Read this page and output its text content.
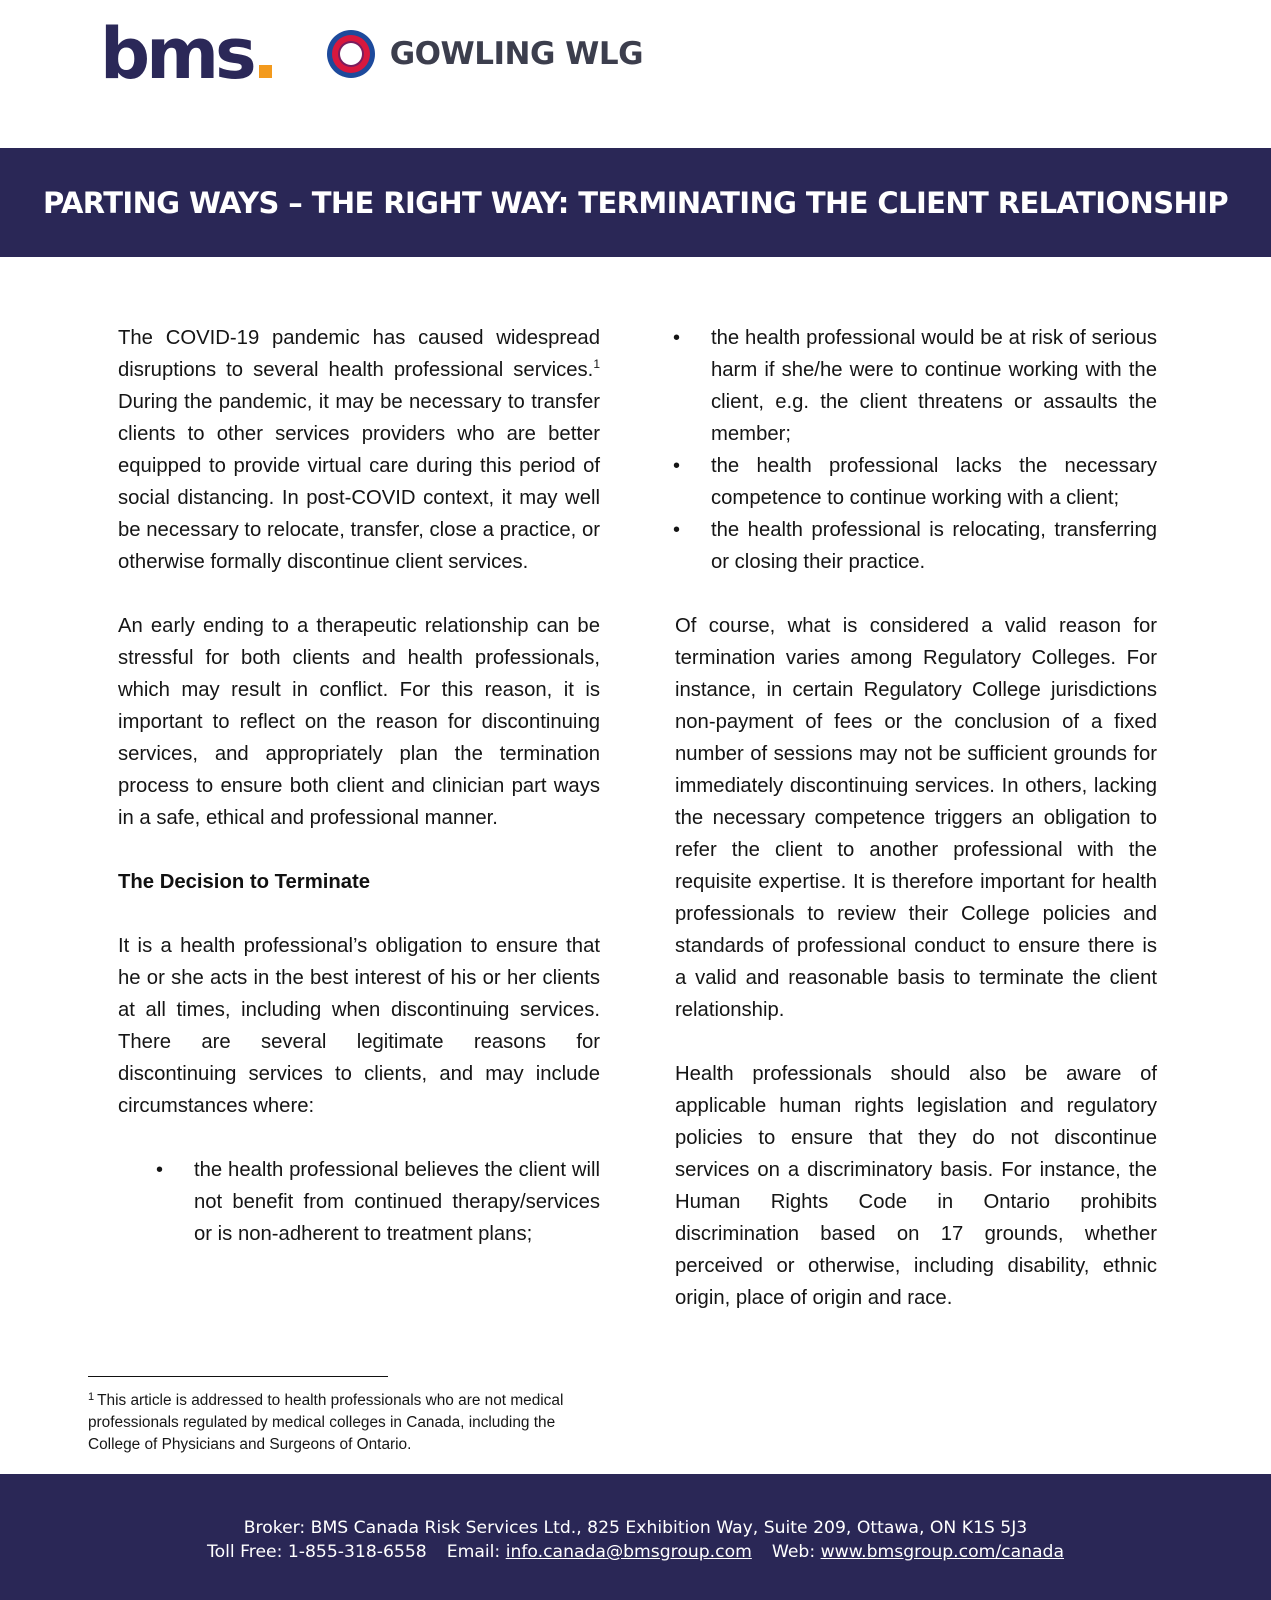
bms	GOWLING WLG
PARTING WAYS – THE RIGHT WAY: TERMINATING THE CLIENT RELATIONSHIP

The COVID-19 pandemic has caused widespread disruptions to several health professional services.$^1$ During the pandemic, it may be necessary to transfer clients to other services providers who are better equipped to provide virtual care during this period of social distancing. In post-COVID context, it may well be necessary to relocate, transfer, close a practice, or otherwise formally discontinue client services.

An early ending to a therapeutic relationship can be stressful for both clients and health professionals, which may result in conflict. For this reason, it is important to reflect on the reason for discontinuing services, and appropriately plan the termination process to ensure both client and clinician part ways in a safe, ethical and professional manner.

The Decision to Terminate

It is a health professional’s obligation to ensure that he or she acts in the best interest of his or her clients at all times, including when discontinuing services. There are several legitimate reasons for discontinuing services to clients, and may include circumstances where:

• the health professional believes the client will not benefit from continued therapy/services or is non-adherent to treatment plans;
• the health professional would be at risk of serious harm if she/he were to continue working with the client, e.g. the client threatens or assaults the member;
• the health professional lacks the necessary competence to continue working with a client;
• the health professional is relocating, transferring or closing their practice.

Of course, what is considered a valid reason for termination varies among Regulatory Colleges. For instance, in certain Regulatory College jurisdictions non-payment of fees or the conclusion of a fixed number of sessions may not be sufficient grounds for immediately discontinuing services. In others, lacking the necessary competence triggers an obligation to refer the client to another professional with the requisite expertise. It is therefore important for health professionals to review their College policies and standards of professional conduct to ensure there is a valid and reasonable basis to terminate the client relationship.

Health professionals should also be aware of applicable human rights legislation and regulatory policies to ensure that they do not discontinue services on a discriminatory basis. For instance, the Human Rights Code in Ontario prohibits discrimination based on 17 grounds, whether perceived or otherwise, including disability, ethnic origin, place of origin and race.

$^1$ This article is addressed to health professionals who are not medical professionals regulated by medical colleges in Canada, including the College of Physicians and Surgeons of Ontario.
Broker: BMS Canada Risk Services Ltd., 825 Exhibition Way, Suite 209, Ottawa, ON K1S 5J3
Toll Free: 1-855-318-6558 Email: info.canada@bmsgroup.com Web: www.bmsgroup.com/canada
